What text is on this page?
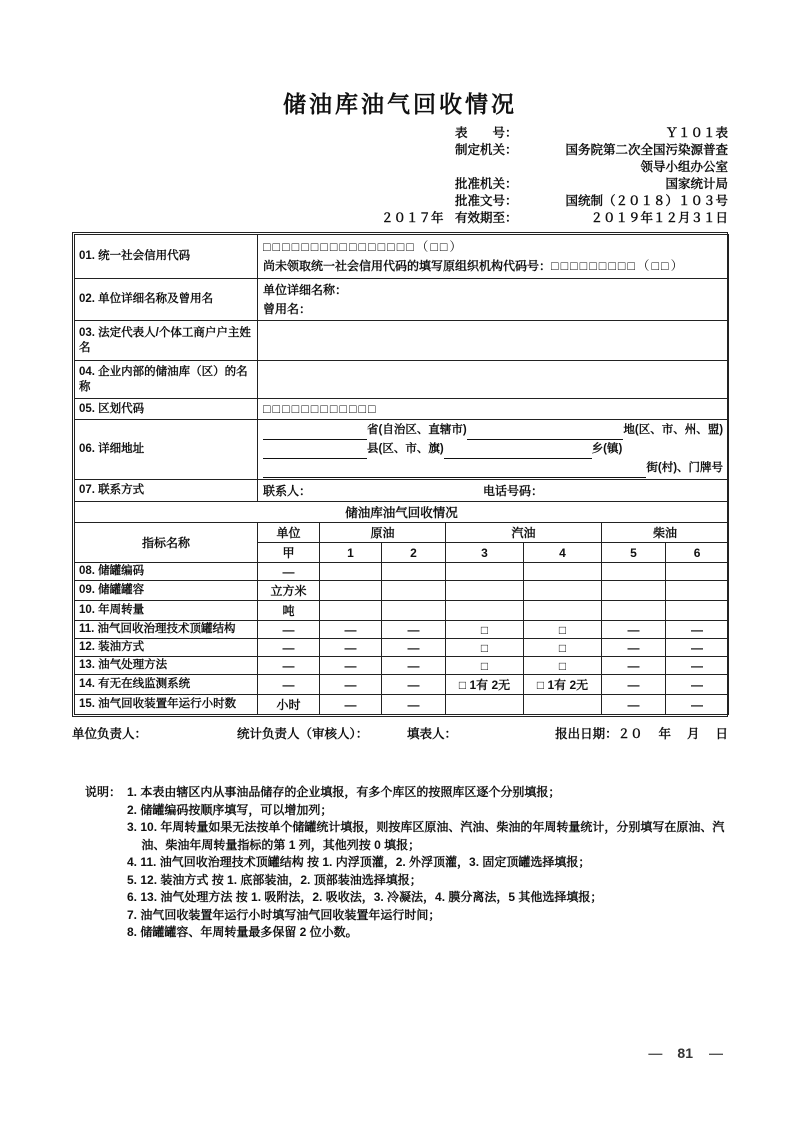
储油库油气回收情况
表　　号：	Ｙ１０１表
制定机关：	国务院第二次全国污染源普查
领导小组办公室
批准机关：	国家统计局
批准文号：	国统制（２０１８）１０３号
２０１７年 有效期至：	２０１９年１２月３１日
01. 统一社会信用代码	□□□□□□□□□□□□□□□□（□□）
尚未领取统一社会信用代码的填写原组织机构代码号：□□□□□□□□□（□□）						

02. 单位详细名称及曾用名	单位详细名称：
曾用名：						

03. 法定代表人/个体工商户户主姓名							
04. 企业内部的储油库（区）的名称							
05. 区划代码	□□□□□□□□□□□□						
06. 详细地址	省(自治区、直辖市) 地(区、市、州、盟)
县(区、市、旗) 乡(镇)
街(村)、门牌号						

07. 联系方式	联系人： 电话号码：						

储油库油气回收情况							
指标名称	单位	原油		汽油		柴油	
	甲	1	2	3	4	5	6
08. 储罐编码	—						
09. 储罐罐容	立方米						
10. 年周转量	吨						
11. 油气回收治理技术顶罐结构	—	—	—	□	□	—	—
12. 装油方式	—	—	—	□	□	—	—
13. 油气处理方法	—	—	—	□	□	—	—
14. 有无在线监测系统	—	—	—	□ 1有 2无	□ 1有 2无	—	—
15. 油气回收装置年运行小时数	小时	—	—			—	—
单位负责人：	统计负责人（审核人）：	填表人：	报出日期：２０　 年　 月　 日
说明： 1. 本表由辖区内从事油品储存的企业填报，有多个库区的按照库区逐个分别填报；
2. 储罐编码按顺序填写，可以增加列；
3. 10. 年周转量如果无法按单个储罐统计填报，则按库区原油、汽油、柴油的年周转量统计，分别填写在原油、汽油、柴油年周转量指标的第 1 列，其他列按 0 填报；
4. 11. 油气回收治理技术顶罐结构 按 1. 内浮顶灌，2. 外浮顶灌，3. 固定顶罐选择填报；
5. 12. 装油方式 按 1. 底部装油，2. 顶部装油选择填报；
6. 13. 油气处理方法 按 1. 吸附法，2. 吸收法，3. 冷凝法，4. 膜分离法，5 其他选择填报；
7. 油气回收装置年运行小时填写油气回收装置年运行时间；
8. 储罐罐容、年周转量最多保留 2 位小数。
— 81 —
